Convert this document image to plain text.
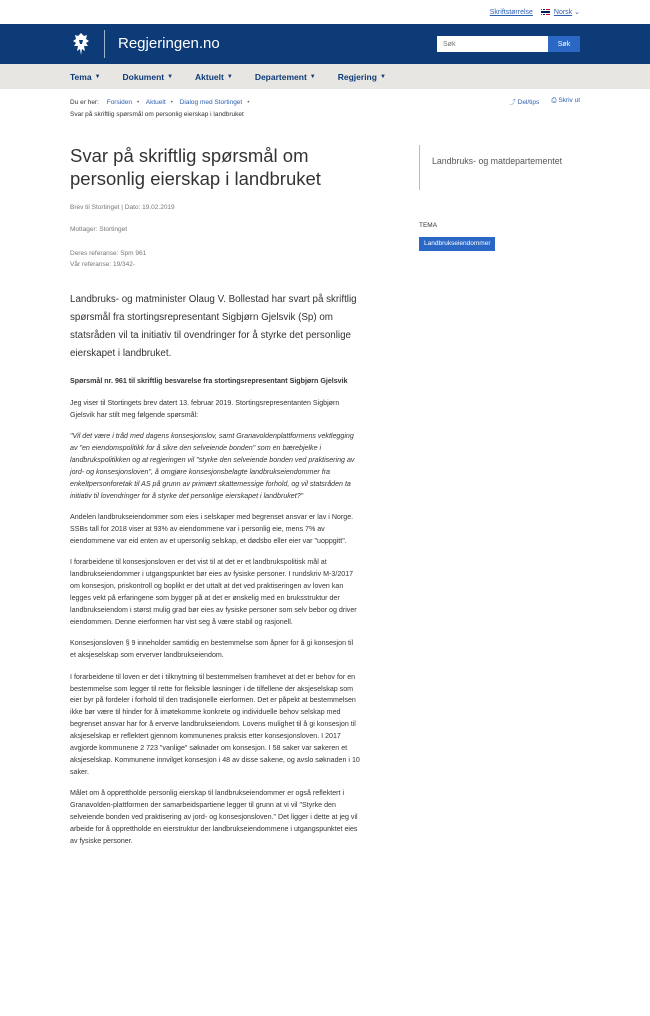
Skriftstørrelse	Norsk ⌄
Regjeringen.no
Søk	Søk
Tema ▼	Dokument ▼	Aktuelt ▼	Departement ▼	Regjering ▼
Du er her: Forsiden • Aktuelt • Dialog med Stortinget •
Svar på skriftlig spørsmål om personlig eierskap i landbruket
⤴ Del/tips ⎙ Skriv ut
Svar på skriftlig spørsmål om personlig eierskap i landbruket
Brev til Stortinget | Dato: 19.02.2019
Mottager: Stortinget
Deres referanse: Spm 961
Vår referanse: 19/342-
Landbruks- og matminister Olaug V. Bollestad har svart på skriftlig spørsmål fra stortingsrepresentant Sigbjørn Gjelsvik (Sp) om statsråden vil ta initiativ til ovendringer for å styrke det personlige eierskapet i landbruket.

Spørsmål nr. 961 til skriftlig besvarelse fra stortingsrepresentant Sigbjørn Gjelsvik

Jeg viser til Stortingets brev datert 13. februar 2019. Stortingsrepresentanten Sigbjørn Gjelsvik har stilt meg følgende spørsmål:

"Vil det være i tråd med dagens konsesjonslov, samt Granavoldenplattformens vektlegging av "en eiendomspolitikk for å sikre den selveiende bonden" som en bærebjelke i landbrukspolitikken og at regjeringen vil "styrke den selveiende bonden ved praktisering av jord- og konsesjonsloven", å omgjøre konsesjonsbelagte landbrukseiendommer fra enkeltpersonforetak til AS på grunn av primært skattemessige forhold, og vil statsråden ta initiativ til lovendringer for å styrke det personlige eierskapet i landbruket?"

Andelen landbrukseiendommer som eies i selskaper med begrenset ansvar er lav i Norge. SSBs tall for 2018 viser at 93% av eiendommene var i personlig eie, mens 7% av eiendommene var eid enten av et upersonlig selskap, et dødsbo eller eier var "uoppgitt".

I forarbeidene til konsesjonsloven er det vist til at det er et landbrukspolitisk mål at landbrukseiendommer i utgangspunktet bør eies av fysiske personer. I rundskriv M-3/2017 om konsesjon, priskontroll og boplikt er det uttalt at det ved praktiseringen av loven kan legges vekt på erfaringene som bygger på at det er ønskelig med en bruksstruktur der landbrukseiendom i størst mulig grad bør eies av fysiske personer som selv bebor og driver eiendommen. Denne eierformen har vist seg å være stabil og rasjonell.

Konsesjonsloven § 9 inneholder samtidig en bestemmelse som åpner for å gi konsesjon til et aksjeselskap som erverver landbrukseiendom.

I forarbeidene til loven er det i tilknytning til bestemmelsen framhevet at det er behov for en bestemmelse som legger til rette for fleksible løsninger i de tilfellene der aksjeselskap som eier byr på fordeler i forhold til den tradisjonelle eierformen. Det er påpekt at bestemmelsen ikke bør være til hinder for å imøtekomme konkrete og individuelle behov selskap med begrenset ansvar har for å erverve landbrukseiendom. Lovens mulighet til å gi konsesjon til aksjeselskap er reflektert gjennom kommunenes praksis etter konsesjonsloven. I 2017 avgjorde kommunene 2 723 "vanlige" søknader om konsesjon. I 58 saker var søkeren et aksjeselskap. Kommunene innvilget konsesjon i 48 av disse sakene, og avslo søknaden i 10 saker.

Målet om å opprettholde personlig eierskap til landbrukseiendommer er også reflektert i Granavolden-plattformen der samarbeidspartiene legger til grunn at vi vil "Styrke den selveiende bonden ved praktisering av jord- og konsesjonsloven." Det ligger i dette at jeg vil arbeide for å opprettholde en eierstruktur der landbrukseiendommene i utgangspunktet eies av fysiske personer.

Landbruks- og matdepartementet
TEMA
Landbrukseiendommer
